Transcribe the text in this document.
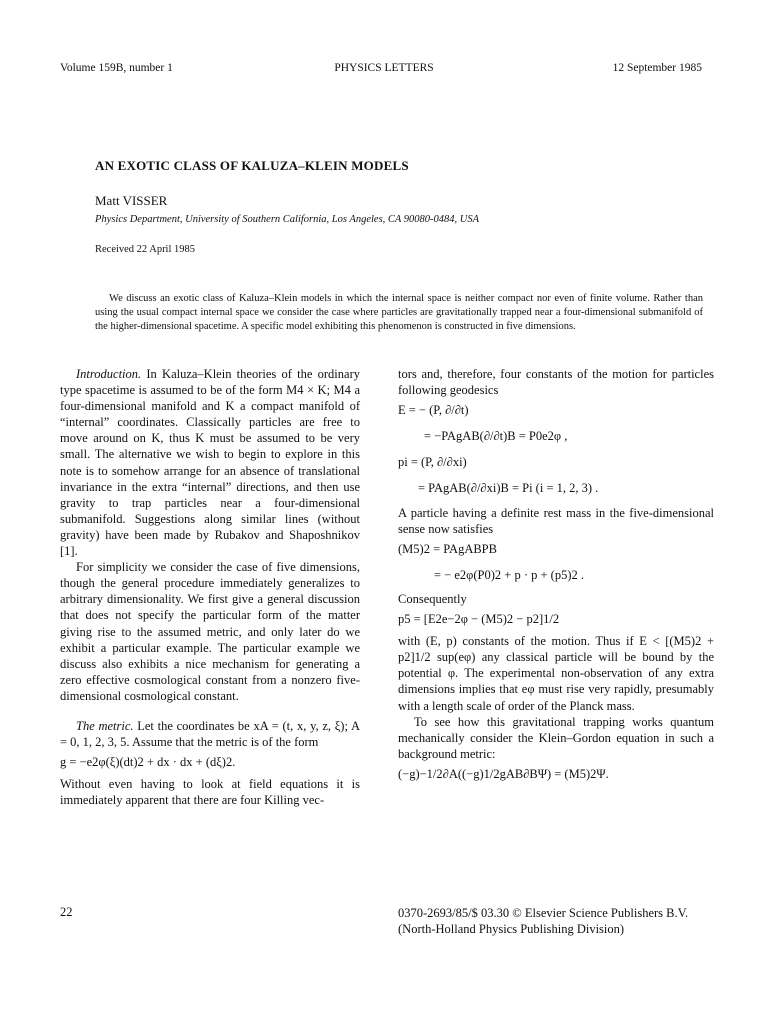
Volume 159B, number 1	PHYSICS LETTERS	12 September 1985
AN EXOTIC CLASS OF KALUZA–KLEIN MODELS
Matt VISSER
Physics Department, University of Southern California, Los Angeles, CA 90080-0484, USA
Received 22 April 1985

We discuss an exotic class of Kaluza–Klein models in which the internal space is neither compact nor even of finite volume. Rather than using the usual compact internal space we consider the case where particles are gravitationally trapped near a four-dimensional submanifold of the higher-dimensional spacetime. A specific model exhibiting this phenomenon is constructed in five dimensions.

Introduction. In Kaluza–Klein theories of the ordinary type spacetime is assumed to be of the form M4 × K; M4 a four-dimensional manifold and K a compact manifold of “internal” coordinates. Classically particles are free to move around on K, thus K must be assumed to be very small. The alternative we wish to begin to explore in this note is to somehow arrange for an absence of translational invariance in the extra “internal” directions, and then use gravity to trap particles near a four-dimensional submanifold. Suggestions along similar lines (without gravity) have been made by Rubakov and Shaposhnikov [1].

For simplicity we consider the case of five dimensions, though the general procedure immediately generalizes to arbitrary dimensionality. We first give a general discussion that does not specify the particular form of the matter giving rise to the assumed metric, and only later do we exhibit a particular example. The particular example we discuss also exhibits a nice mechanism for generating a zero effective cosmological constant from a nonzero five-dimensional cosmological constant.

The metric. Let the coordinates be xA = (t, x, y, z, ξ); A = 0, 1, 2, 3, 5. Assume that the metric is of the form

g = −e2φ(ξ)(dt)2 + dx · dx + (dξ)2.

Without even having to look at field equations it is immediately apparent that there are four Killing vec-

tors and, therefore, four constants of the motion for particles following geodesics

E = − (P, ∂/∂t)

= −PAgAB(∂/∂t)B = P0e2φ ,

pi = (P, ∂/∂xi)

= PAgAB(∂/∂xi)B = Pi (i = 1, 2, 3) .

A particle having a definite rest mass in the five-dimensional sense now satisfies

(M5)2 = PAgABPB

= − e2φ(P0)2 + p · p + (p5)2 .

Consequently

p5 = [E2e−2φ − (M5)2 − p2]1/2

with (E, p) constants of the motion. Thus if E < [(M5)2 + p2]1/2 sup(eφ) any classical particle will be bound by the potential φ. The experimental non-observation of any extra dimensions implies that eφ must rise very rapidly, presumably with a length scale of order of the Planck mass.

To see how this gravitational trapping works quantum mechanically consider the Klein–Gordon equation in such a background metric:

(−g)−1/2∂A((−g)1/2gAB∂BΨ) = (M5)2Ψ.

22	0370-2693/85/$ 03.30 © Elsevier Science Publishers B.V.
(North-Holland Physics Publishing Division)
